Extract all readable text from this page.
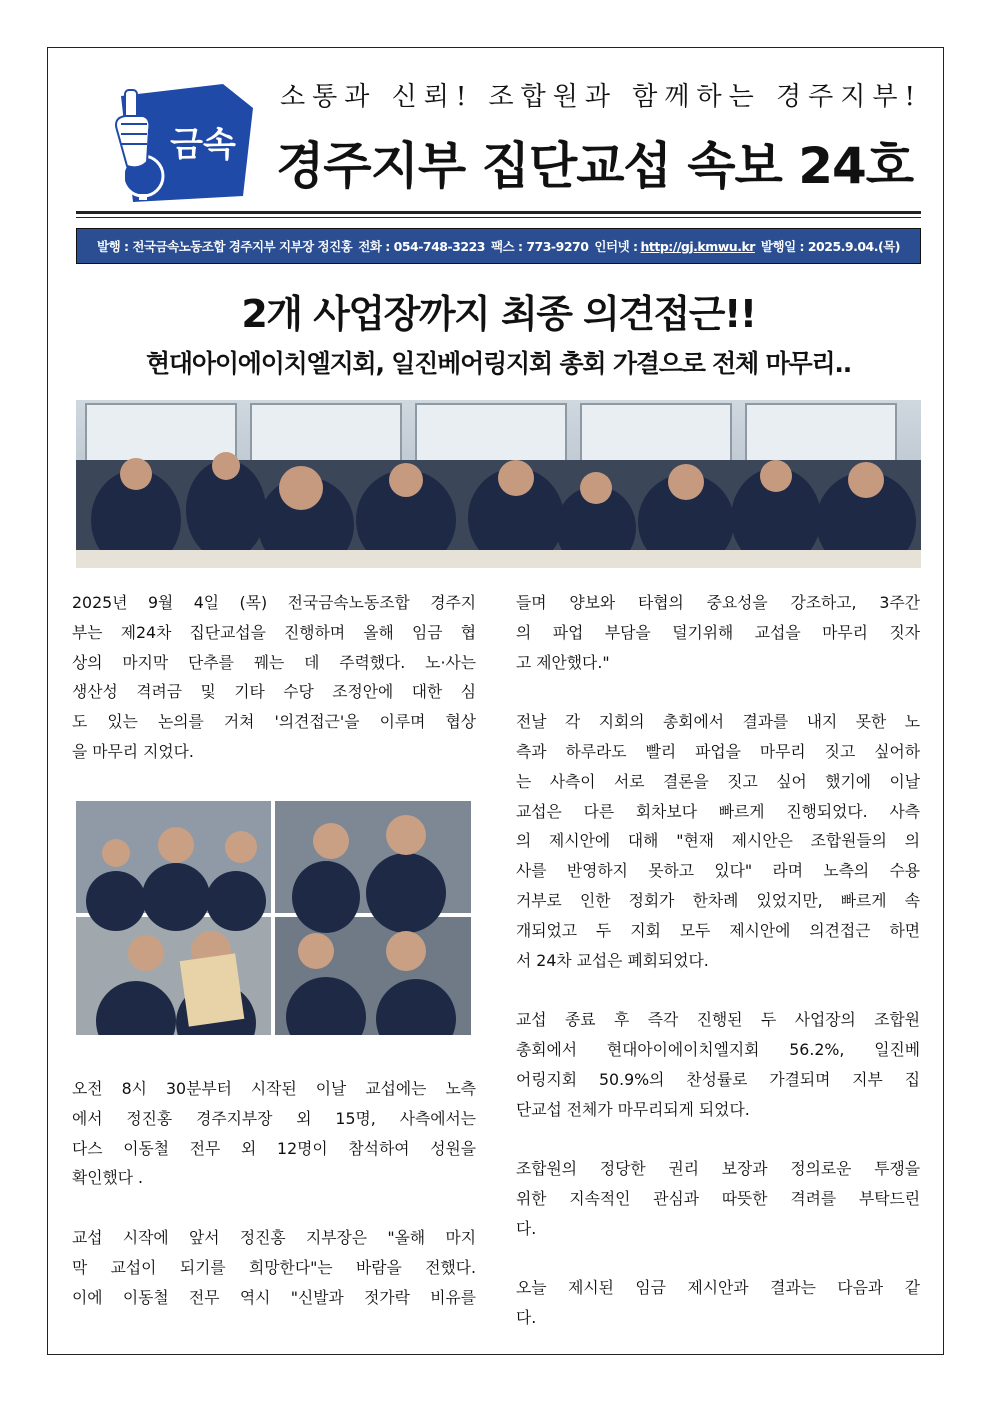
금속
소통과 신뢰! 조합원과 함께하는 경주지부!
경주지부 집단교섭 속보 24호
발행 : 전국금속노동조합 경주지부 지부장 정진홍 전화 : 054-748-3223 팩스 : 773-9270 인터넷 : http://gj.kmwu.kr 발행일 : 2025.9.04.(목)
2개 사업장까지 최종 의견접근!!
현대아이에이치엘지회, 일진베어링지회 총회 가결으로 전체 마무리..

2025년 9월 4일 (목) 전국금속노동조합 경주지
부는 제24차 집단교섭을 진행하며 올해 임금 협
상의 마지막 단추를 꿰는 데 주력했다. 노·사는
생산성 격려금 및 기타 수당 조정안에 대한 심
도 있는 논의를 거쳐 '의견접근'을 이루며 협상
을 마무리 지었다.

오전 8시 30분부터 시작된 이날 교섭에는 노측
에서 정진홍 경주지부장 외 15명, 사측에서는
다스 이동철 전무 외 12명이 참석하여 성원을
확인했다 .

교섭 시작에 앞서 정진홍 지부장은 "올해 마지
막 교섭이 되기를 희망한다"는 바람을 전했다.
이에 이동철 전무 역시 "신발과 젓가락 비유를

들며 양보와 타협의 중요성을 강조하고, 3주간
의 파업 부담을 덜기위해 교섭을 마무리 짓자
고 제안했다."

전날 각 지회의 총회에서 결과를 내지 못한 노
측과 하루라도 빨리 파업을 마무리 짓고 싶어하
는 사측이 서로 결론을 짓고 싶어 했기에 이날
교섭은 다른 회차보다 빠르게 진행되었다. 사측
의 제시안에 대해 "현재 제시안은 조합원들의 의
사를 반영하지 못하고 있다" 라며 노측의 수용
거부로 인한 정회가 한차례 있었지만, 빠르게 속
개되었고 두 지회 모두 제시안에 의견접근 하면
서 24차 교섭은 폐회되었다.

교섭 종료 후 즉각 진행된 두 사업장의 조합원
총회에서 현대아이에이치엘지회 56.2%, 일진베
어링지회 50.9%의 찬성률로 가결되며 지부 집
단교섭 전체가 마무리되게 되었다.

조합원의 정당한 권리 보장과 정의로운 투쟁을
위한 지속적인 관심과 따뜻한 격려를 부탁드린
다.

오늘 제시된 임금 제시안과 결과는 다음과 같
다.
